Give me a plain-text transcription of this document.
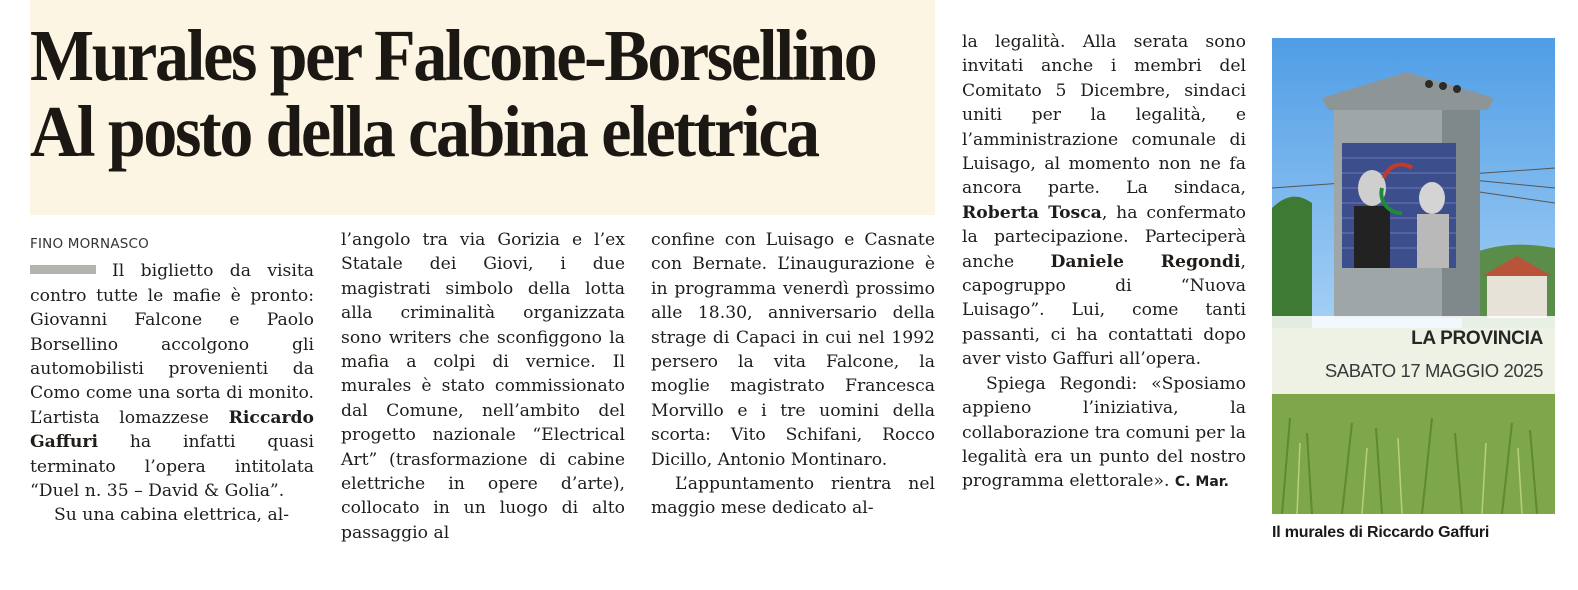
Murales per Falcone-Borsellino
Al posto della cabina elettrica
FINO MORNASCO

Il biglietto da visita contro tutte le mafie è pronto: Giovanni Falcone e Paolo Borsellino accolgono gli automobilisti provenienti da Como come una sorta di monito. L’artista lomazzese Riccardo Gaffuri ha infatti quasi terminato l’opera intitolata “Duel n. 35 – David & Golia”.

Su una cabina elettrica, al-

l’angolo tra via Gorizia e l’ex Statale dei Giovi, i due magistrati simbolo della lotta alla criminalità organizzata sono writers che sconfiggono la mafia a colpi di vernice. Il murales è stato commissionato dal Comune, nell’ambito del progetto nazionale “Electrical Art” (trasformazione di cabine elettriche in opere d’arte), collocato in un luogo di alto passaggio al

confine con Luisago e Casnate con Bernate. L’inaugurazione è in programma venerdì prossimo alle 18.30, anniversario della strage di Capaci in cui nel 1992 persero la vita Falcone, la moglie magistrato Francesca Morvillo e i tre uomini della scorta: Vito Schifani, Rocco Dicillo, Antonio Montinaro.

L’appuntamento rientra nel maggio mese dedicato al-

la legalità. Alla serata sono invitati anche i membri del Comitato 5 Dicembre, sindaci uniti per la legalità, e l’amministrazione comunale di Luisago, al momento non ne fa ancora parte. La sindaca, Roberta Tosca, ha confermato la partecipazione. Parteciperà anche Daniele Regondi, capogruppo di “Nuova Luisago”. Lui, come tanti passanti, ci ha contattati dopo aver visto Gaffuri all’opera.

Spiega Regondi: «Sposiamo appieno l’iniziativa, la collaborazione tra comuni per la legalità era un punto del nostro programma elettorale». C. Mar.

LA PROVINCIA
SABATO 17 MAGGIO 2025
Il murales di Riccardo Gaffuri
